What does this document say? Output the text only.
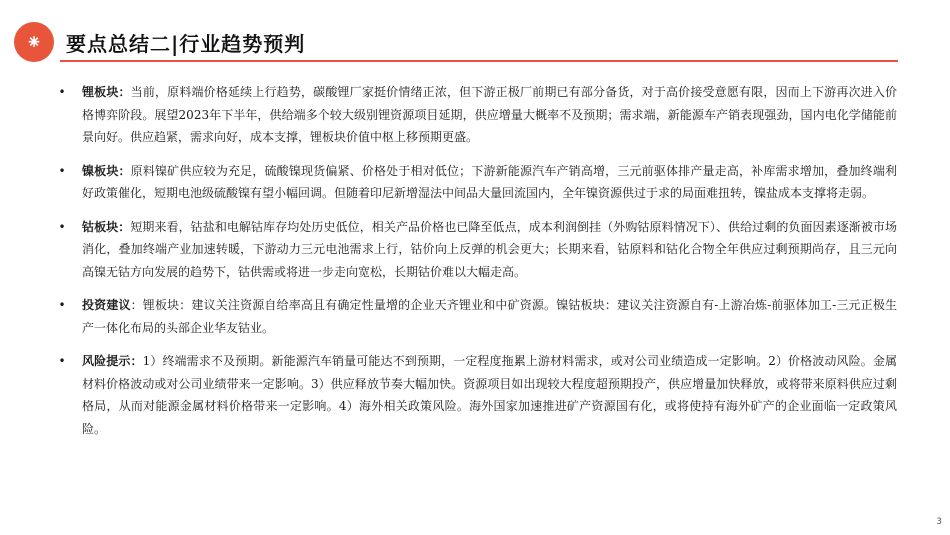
⁕	要点总结二|行业趋势预判
•	锂板块：当前，原料端价格延续上行趋势，碳酸锂厂家挺价情绪正浓，但下游正极厂前期已有部分备货，对于高价接受意愿有限，因而上下游再次进入价格博弈阶段。展望2023年下半年，供给端多个较大级别锂资源项目延期，供应增量大概率不及预期；需求端，新能源车产销表现强劲，国内电化学储能前景向好。供应趋紧，需求向好，成本支撑，锂板块价值中枢上移预期更盛。
•	镍板块：原料镍矿供应较为充足，硫酸镍现货偏紧、价格处于相对低位；下游新能源汽车产销高增，三元前驱体排产量走高，补库需求增加，叠加终端利好政策催化，短期电池级硫酸镍有望小幅回调。但随着印尼新增湿法中间品大量回流国内，全年镍资源供过于求的局面难扭转，镍盐成本支撑将走弱。
•	钴板块：短期来看，钴盐和电解钴库存均处历史低位，相关产品价格也已降至低点，成本利润倒挂（外购钴原料情况下）、供给过剩的负面因素逐渐被市场消化，叠加终端产业加速转暖，下游动力三元电池需求上行，钴价向上反弹的机会更大；长期来看，钴原料和钴化合物全年供应过剩预期尚存，且三元向高镍无钴方向发展的趋势下，钴供需或将进一步走向宽松，长期钴价难以大幅走高。
•	投资建议：锂板块：建议关注资源自给率高且有确定性量增的企业天齐锂业和中矿资源。镍钴板块：建议关注资源自有-上游冶炼-前驱体加工-三元正极生产一体化布局的头部企业华友钴业。
•	风险提示：1）终端需求不及预期。新能源汽车销量可能达不到预期，一定程度拖累上游材料需求，或对公司业绩造成一定影响。2）价格波动风险。金属材料价格波动或对公司业绩带来一定影响。3）供应释放节奏大幅加快。资源项目如出现较大程度超预期投产，供应增量加快释放，或将带来原料供应过剩格局，从而对能源金属材料价格带来一定影响。4）海外相关政策风险。海外国家加速推进矿产资源国有化，或将使持有海外矿产的企业面临一定政策风险。
3
